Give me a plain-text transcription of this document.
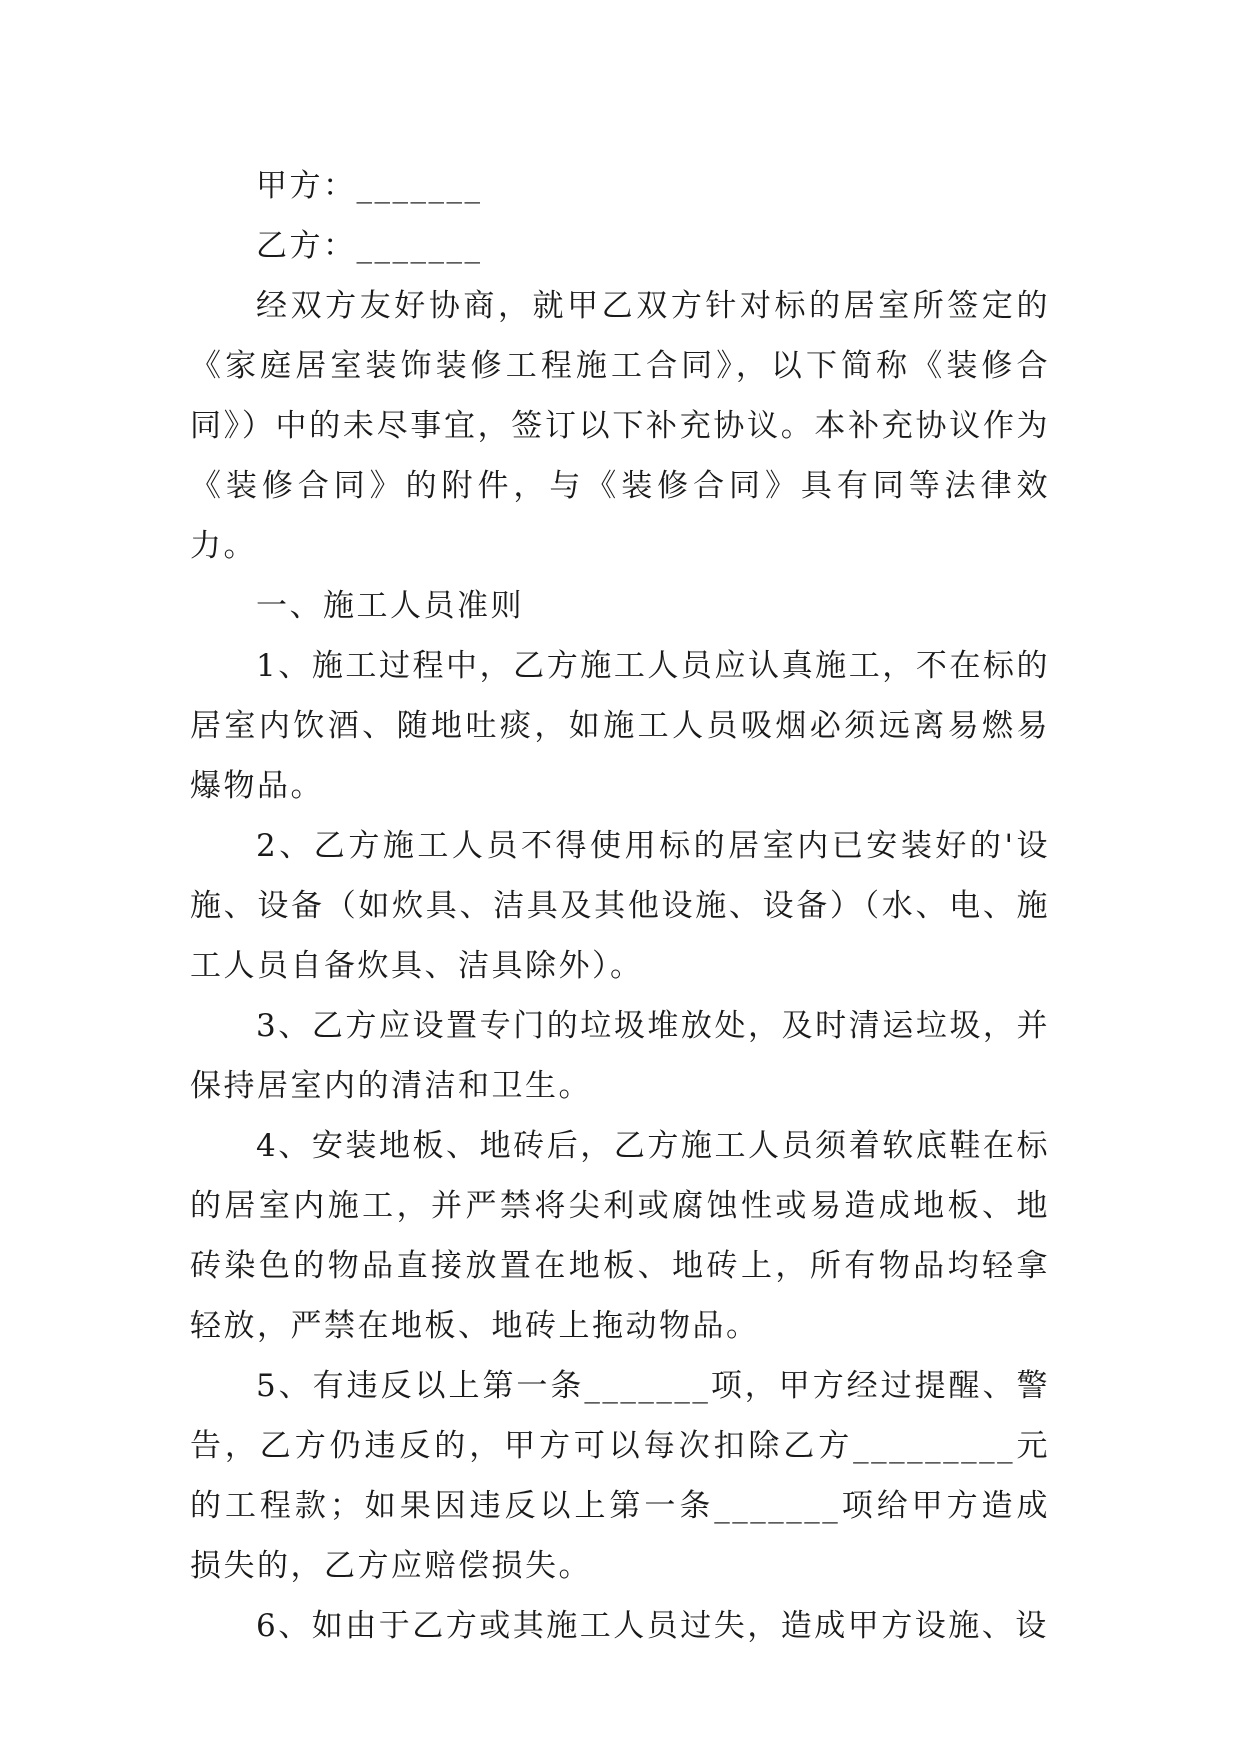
甲方：_______

乙方：_______

经双方友好协商，就甲乙双方针对标的居室所签定的《家庭居室装饰装修工程施工合同》，以下简称《装修合同》）中的未尽事宜，签订以下补充协议。本补充协议作为《装修合同》的附件，与《装修合同》具有同等法律效力。

一、施工人员准则

1、施工过程中，乙方施工人员应认真施工，不在标的居室内饮酒、随地吐痰，如施工人员吸烟必须远离易燃易爆物品。

2、乙方施工人员不得使用标的居室内已安装好的'设施、设备（如炊具、洁具及其他设施、设备）（水、电、施工人员自备炊具、洁具除外）。

3、乙方应设置专门的垃圾堆放处，及时清运垃圾，并保持居室内的清洁和卫生。

4、安装地板、地砖后，乙方施工人员须着软底鞋在标的居室内施工，并严禁将尖利或腐蚀性或易造成地板、地砖染色的物品直接放置在地板、地砖上，所有物品均轻拿轻放，严禁在地板、地砖上拖动物品。

5、有违反以上第一条_______项，甲方经过提醒、警告，乙方仍违反的，甲方可以每次扣除乙方_________元的工程款；如果因违反以上第一条_______项给甲方造成损失的，乙方应赔偿损失。

6、如由于乙方或其施工人员过失，造成甲方设施、设
